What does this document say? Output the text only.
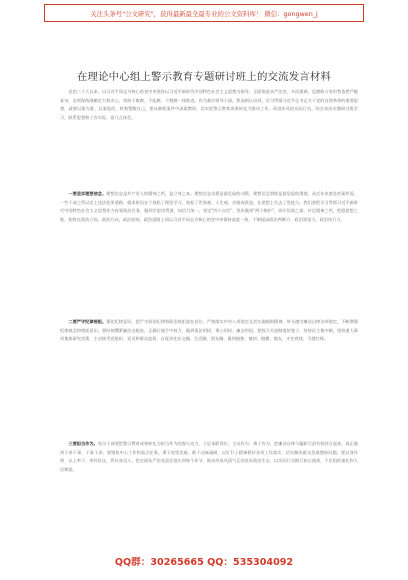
关注头条号"公文研究"，获得最新最全最专业的公文资料库！ 微信：gongwen_j
在理论中心组上警示教育专题研讨班上的交流发言材料

党的二十大以来，以习近平同志为核心的党中央坚持以习近平新时代中国特色社会主义思想为指导，全面推进从严治党，多次强调，反腐败斗争形势依然严峻复杂，必须保持战略定力和决心，坚持不敢腐、不能腐、不想腐一体推进。作为基层领导干部，我深刻认识到，学习贯彻习近平总书记关于党的自我革命的重要思想，就要以案为鉴、以案促改，时刻警醒自己，要从腐败案件中汲取教训，切实把警示教育成果转化为推动工作、改进作风的实际行动。结合本次专题研讨班学习，联系思想和工作实际，谈几点体会。

一要坚实理想信念。理想信念是共产党人的精神之钙，是立身之本。理想信念动摇是最危险的动摇，理想信念滑坡是最危险的滑坡。从近年来查处的案件看，一些干部之所以走上违法犯罪道路，根本原因在于放松了理论学习，放松了世界观、人生观、价值观改造，在思想上失去了免疫力。我们要把学习贯彻习近平新时代中国特色社会主义思想作为首要政治任务，做到学思用贯通、知信行统一，坚定"四个自信"、坚决做到"两个维护"，筑牢信仰之基、补足精神之钙、把稳思想之舵，始终在政治立场、政治方向、政治原则、政治道路上同以习近平同志为核心的党中央保持高度一致，不断提高政治判断力、政治领悟力、政治执行力。

二要严守纪律规矩。强化纪律意识，把严守政治纪律和政治规矩放在首位，严格落实中央八项规定及其实施细则精神，带头遵守廉洁自律各项规定，不断增强纪律观念和规矩意识。要时刻绷紧廉洁这根弦，正确行使手中权力，做到依法用权、秉公用权、廉洁用权，把权力关进制度的笼子，坚持民主集中制，坚持重大事项集体研究决策，主动接受党组织、党员和群众监督，自觉净化社交圈、生活圈、朋友圈，做到慎独、慎初、慎微、慎友，守住底线、不越红线。

三要担当作为。党员干部要把警示教育成果转化为担当作为的强大动力，立足本职岗位，主动作为、善于作为，把廉洁自律与履职尽责有机结合起来，真正做到干净干事、干事干净。要聚焦中心工作和重点任务，勇于攻坚克难，敢于动真碰硬，以钉钉子精神抓好各项工作落实，切实解决群众急难愁盼问题。要以身作则、以上率下，带好队伍、管好身边人，把全面从严治党责任落实到每个环节，推动形成风清气正的良好政治生态，以实际行动践行初心使命，不负组织重托和人民期望。

QQ群：30265665 QQ：535304092
